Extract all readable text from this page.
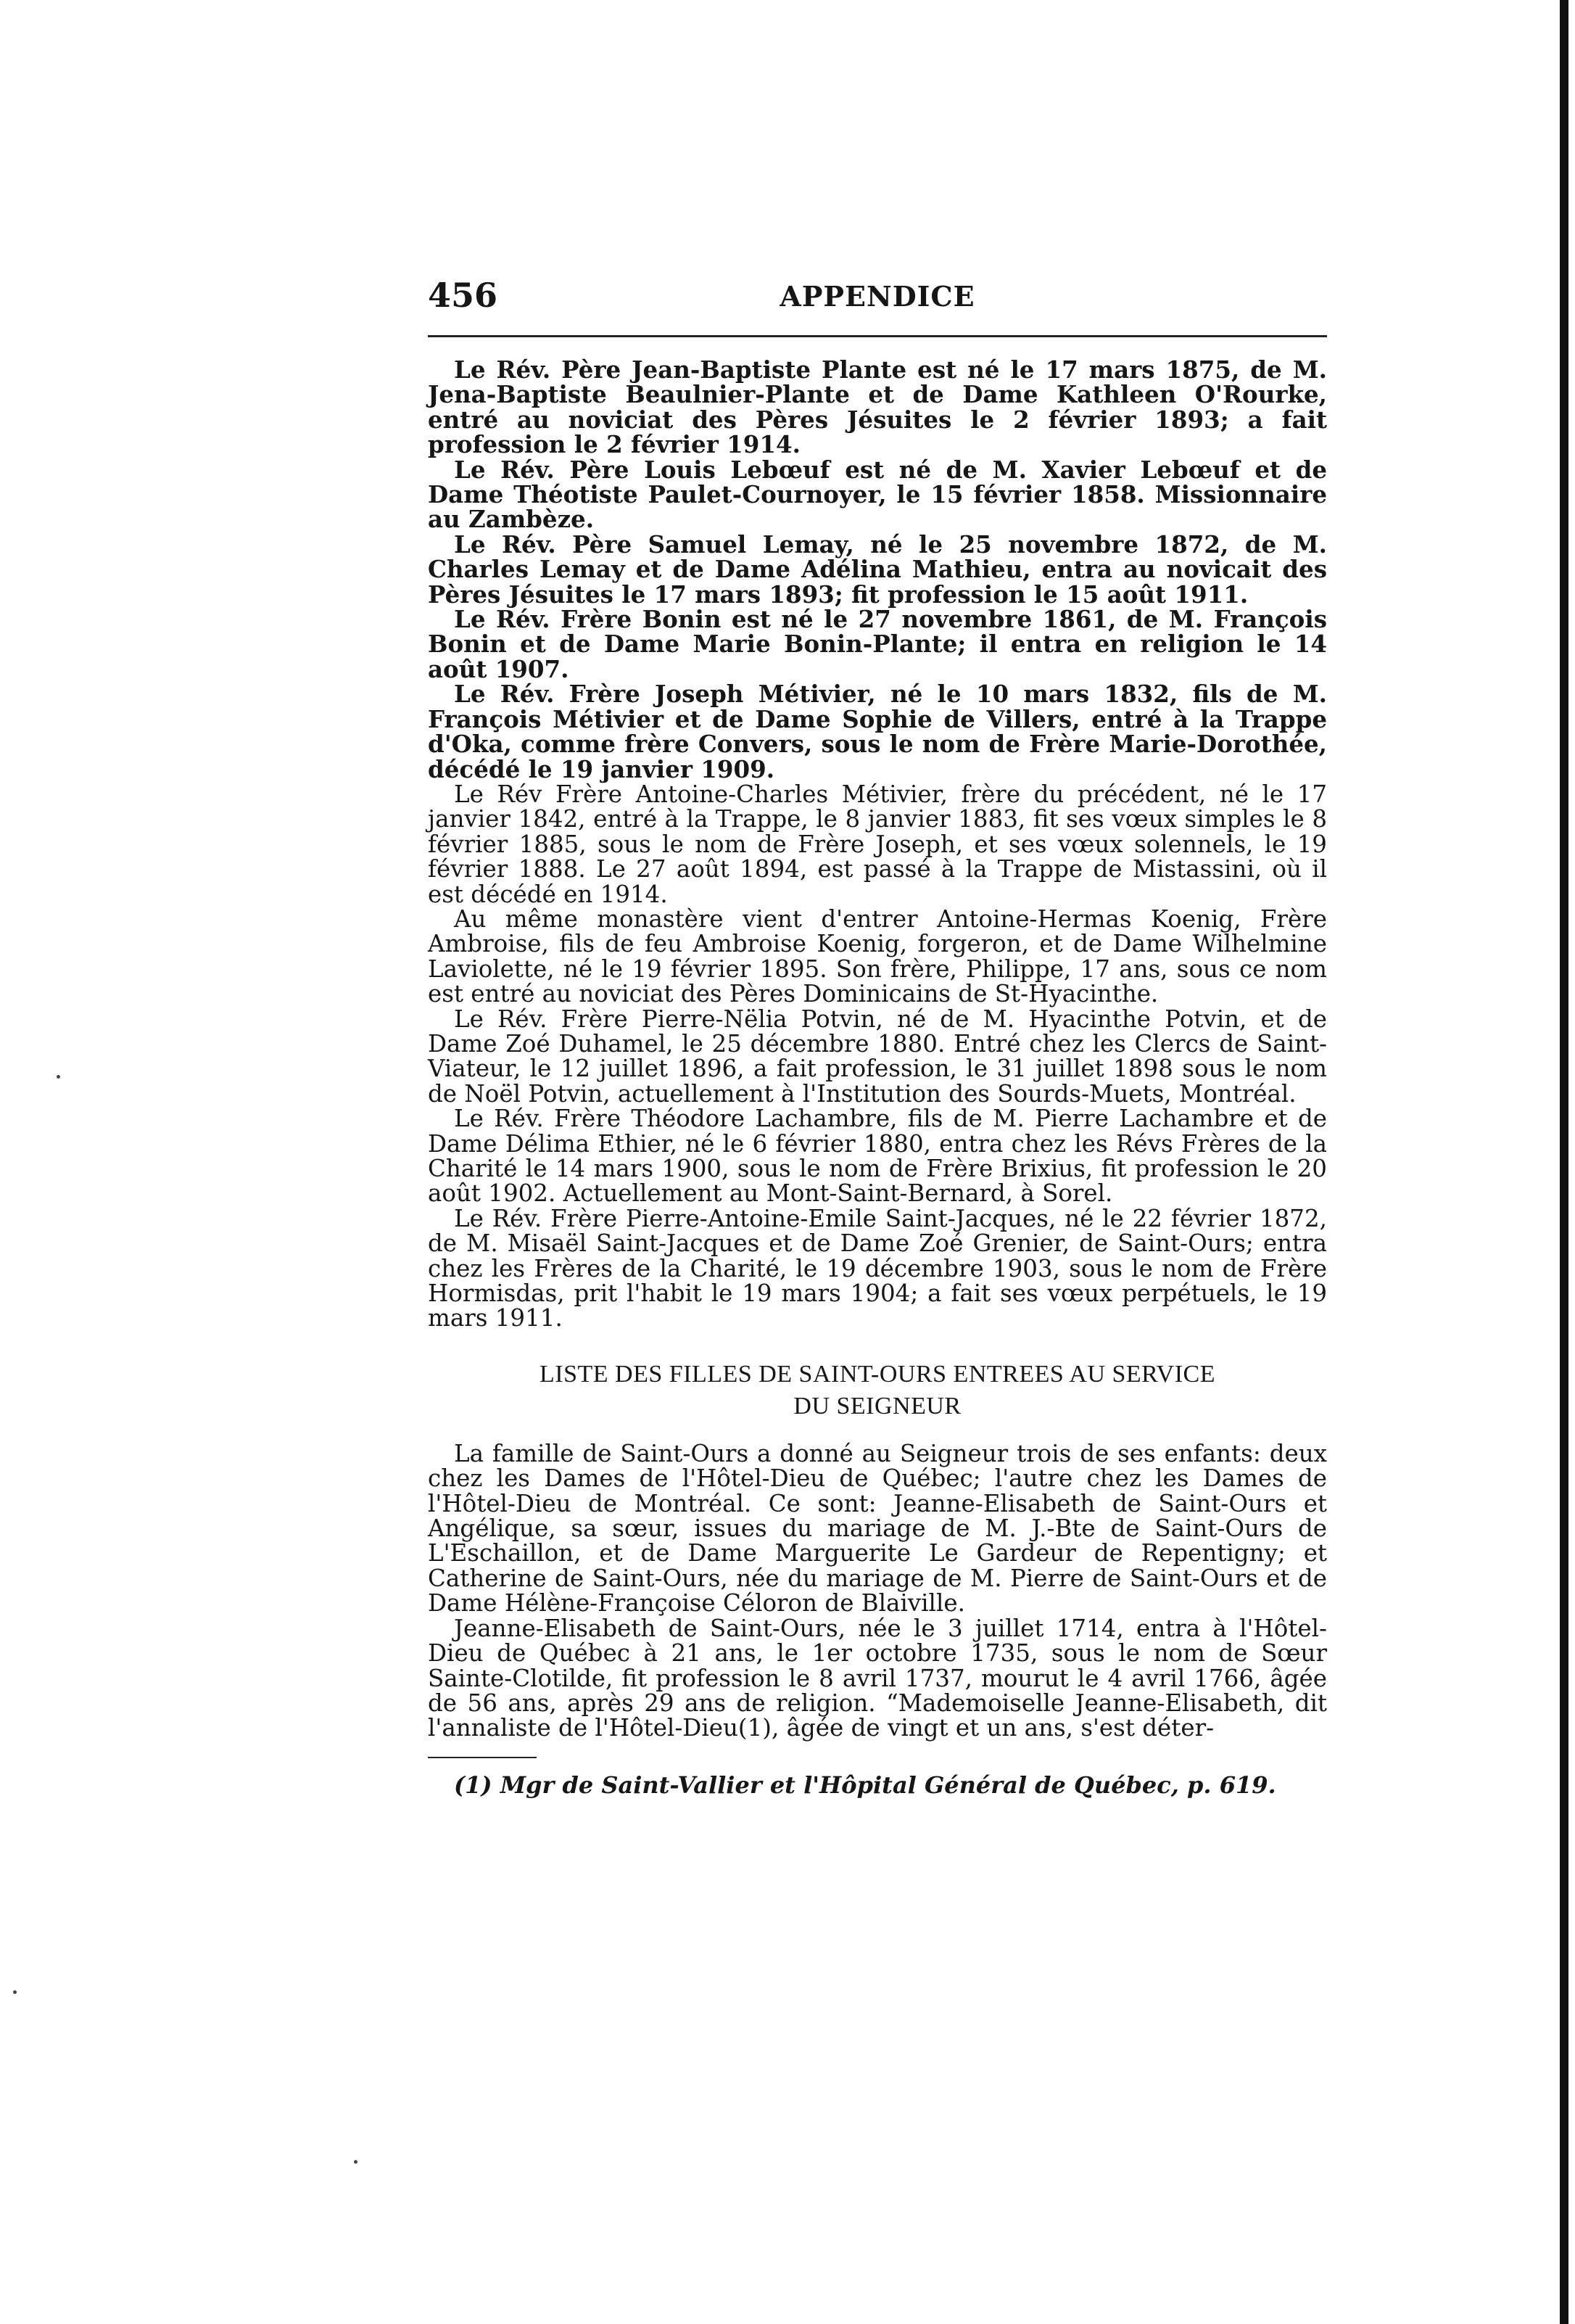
456	APPENDICE

Le Rév. Père Jean-Baptiste Plante est né le 17 mars 1875, de M. Jena-Baptiste Beaulnier-Plante et de Dame Kathleen O'Rourke, entré au noviciat des Pères Jésuites le 2 février 1893; a fait profession le 2 février 1914.

Le Rév. Père Louis Lebœuf est né de M. Xavier Lebœuf et de Dame Théotiste Paulet-Cournoyer, le 15 février 1858. Missionnaire au Zambèze.

Le Rév. Père Samuel Lemay, né le 25 novembre 1872, de M. Charles Lemay et de Dame Adélina Mathieu, entra au novicait des Pères Jésuites le 17 mars 1893; fit profession le 15 août 1911.

Le Rév. Frère Bonin est né le 27 novembre 1861, de M. François Bonin et de Dame Marie Bonin-Plante; il entra en religion le 14 août 1907.

Le Rév. Frère Joseph Métivier, né le 10 mars 1832, fils de M. François Métivier et de Dame Sophie de Villers, entré à la Trappe d'Oka, comme frère Convers, sous le nom de Frère Marie-Dorothée, décédé le 19 janvier 1909.

Le Rév Frère Antoine-Charles Métivier, frère du précédent, né le 17 janvier 1842, entré à la Trappe, le 8 janvier 1883, fit ses vœux simples le 8 février 1885, sous le nom de Frère Joseph, et ses vœux solennels, le 19 février 1888. Le 27 août 1894, est passé à la Trappe de Mistassini, où il est décédé en 1914.

Au même monastère vient d'entrer Antoine-Hermas Koenig, Frère Ambroise, fils de feu Ambroise Koenig, forgeron, et de Dame Wilhelmine Laviolette, né le 19 février 1895. Son frère, Philippe, 17 ans, sous ce nom est entré au noviciat des Pères Dominicains de St-Hyacinthe.

Le Rév. Frère Pierre-Nëlia Potvin, né de M. Hyacinthe Potvin, et de Dame Zoé Duhamel, le 25 décembre 1880. Entré chez les Clercs de Saint-Viateur, le 12 juillet 1896, a fait profession, le 31 juillet 1898 sous le nom de Noël Potvin, actuellement à l'Institution des Sourds-Muets, Montréal.

Le Rév. Frère Théodore Lachambre, fils de M. Pierre Lachambre et de Dame Délima Ethier, né le 6 février 1880, entra chez les Révs Frères de la Charité le 14 mars 1900, sous le nom de Frère Brixius, fit profession le 20 août 1902. Actuellement au Mont-Saint-Bernard, à Sorel.

Le Rév. Frère Pierre-Antoine-Emile Saint-Jacques, né le 22 février 1872, de M. Misaël Saint-Jacques et de Dame Zoé Grenier, de Saint-Ours; entra chez les Frères de la Charité, le 19 décembre 1903, sous le nom de Frère Hormisdas, prit l'habit le 19 mars 1904; a fait ses vœux perpétuels, le 19 mars 1911.

LISTE DES FILLES DE SAINT-OURS ENTREES AU SERVICE
DU SEIGNEUR

La famille de Saint-Ours a donné au Seigneur trois de ses enfants: deux chez les Dames de l'Hôtel-Dieu de Québec; l'autre chez les Dames de l'Hôtel-Dieu de Montréal. Ce sont: Jeanne-Elisabeth de Saint-Ours et Angélique, sa sœur, issues du mariage de M. J.-Bte de Saint-Ours de L'Eschaillon, et de Dame Marguerite Le Gardeur de Repentigny; et Catherine de Saint-Ours, née du mariage de M. Pierre de Saint-Ours et de Dame Hélène-Françoise Céloron de Blaiville.

Jeanne-Elisabeth de Saint-Ours, née le 3 juillet 1714, entra à l'Hôtel-Dieu de Québec à 21 ans, le 1er octobre 1735, sous le nom de Sœur Sainte-Clotilde, fit profession le 8 avril 1737, mourut le 4 avril 1766, âgée de 56 ans, après 29 ans de religion. “Mademoiselle Jeanne-Elisabeth, dit l'annaliste de l'Hôtel-Dieu(1), âgée de vingt et un ans, s'est déter-

(1) Mgr de Saint-Vallier et l'Hôpital Général de Québec, p. 619.
